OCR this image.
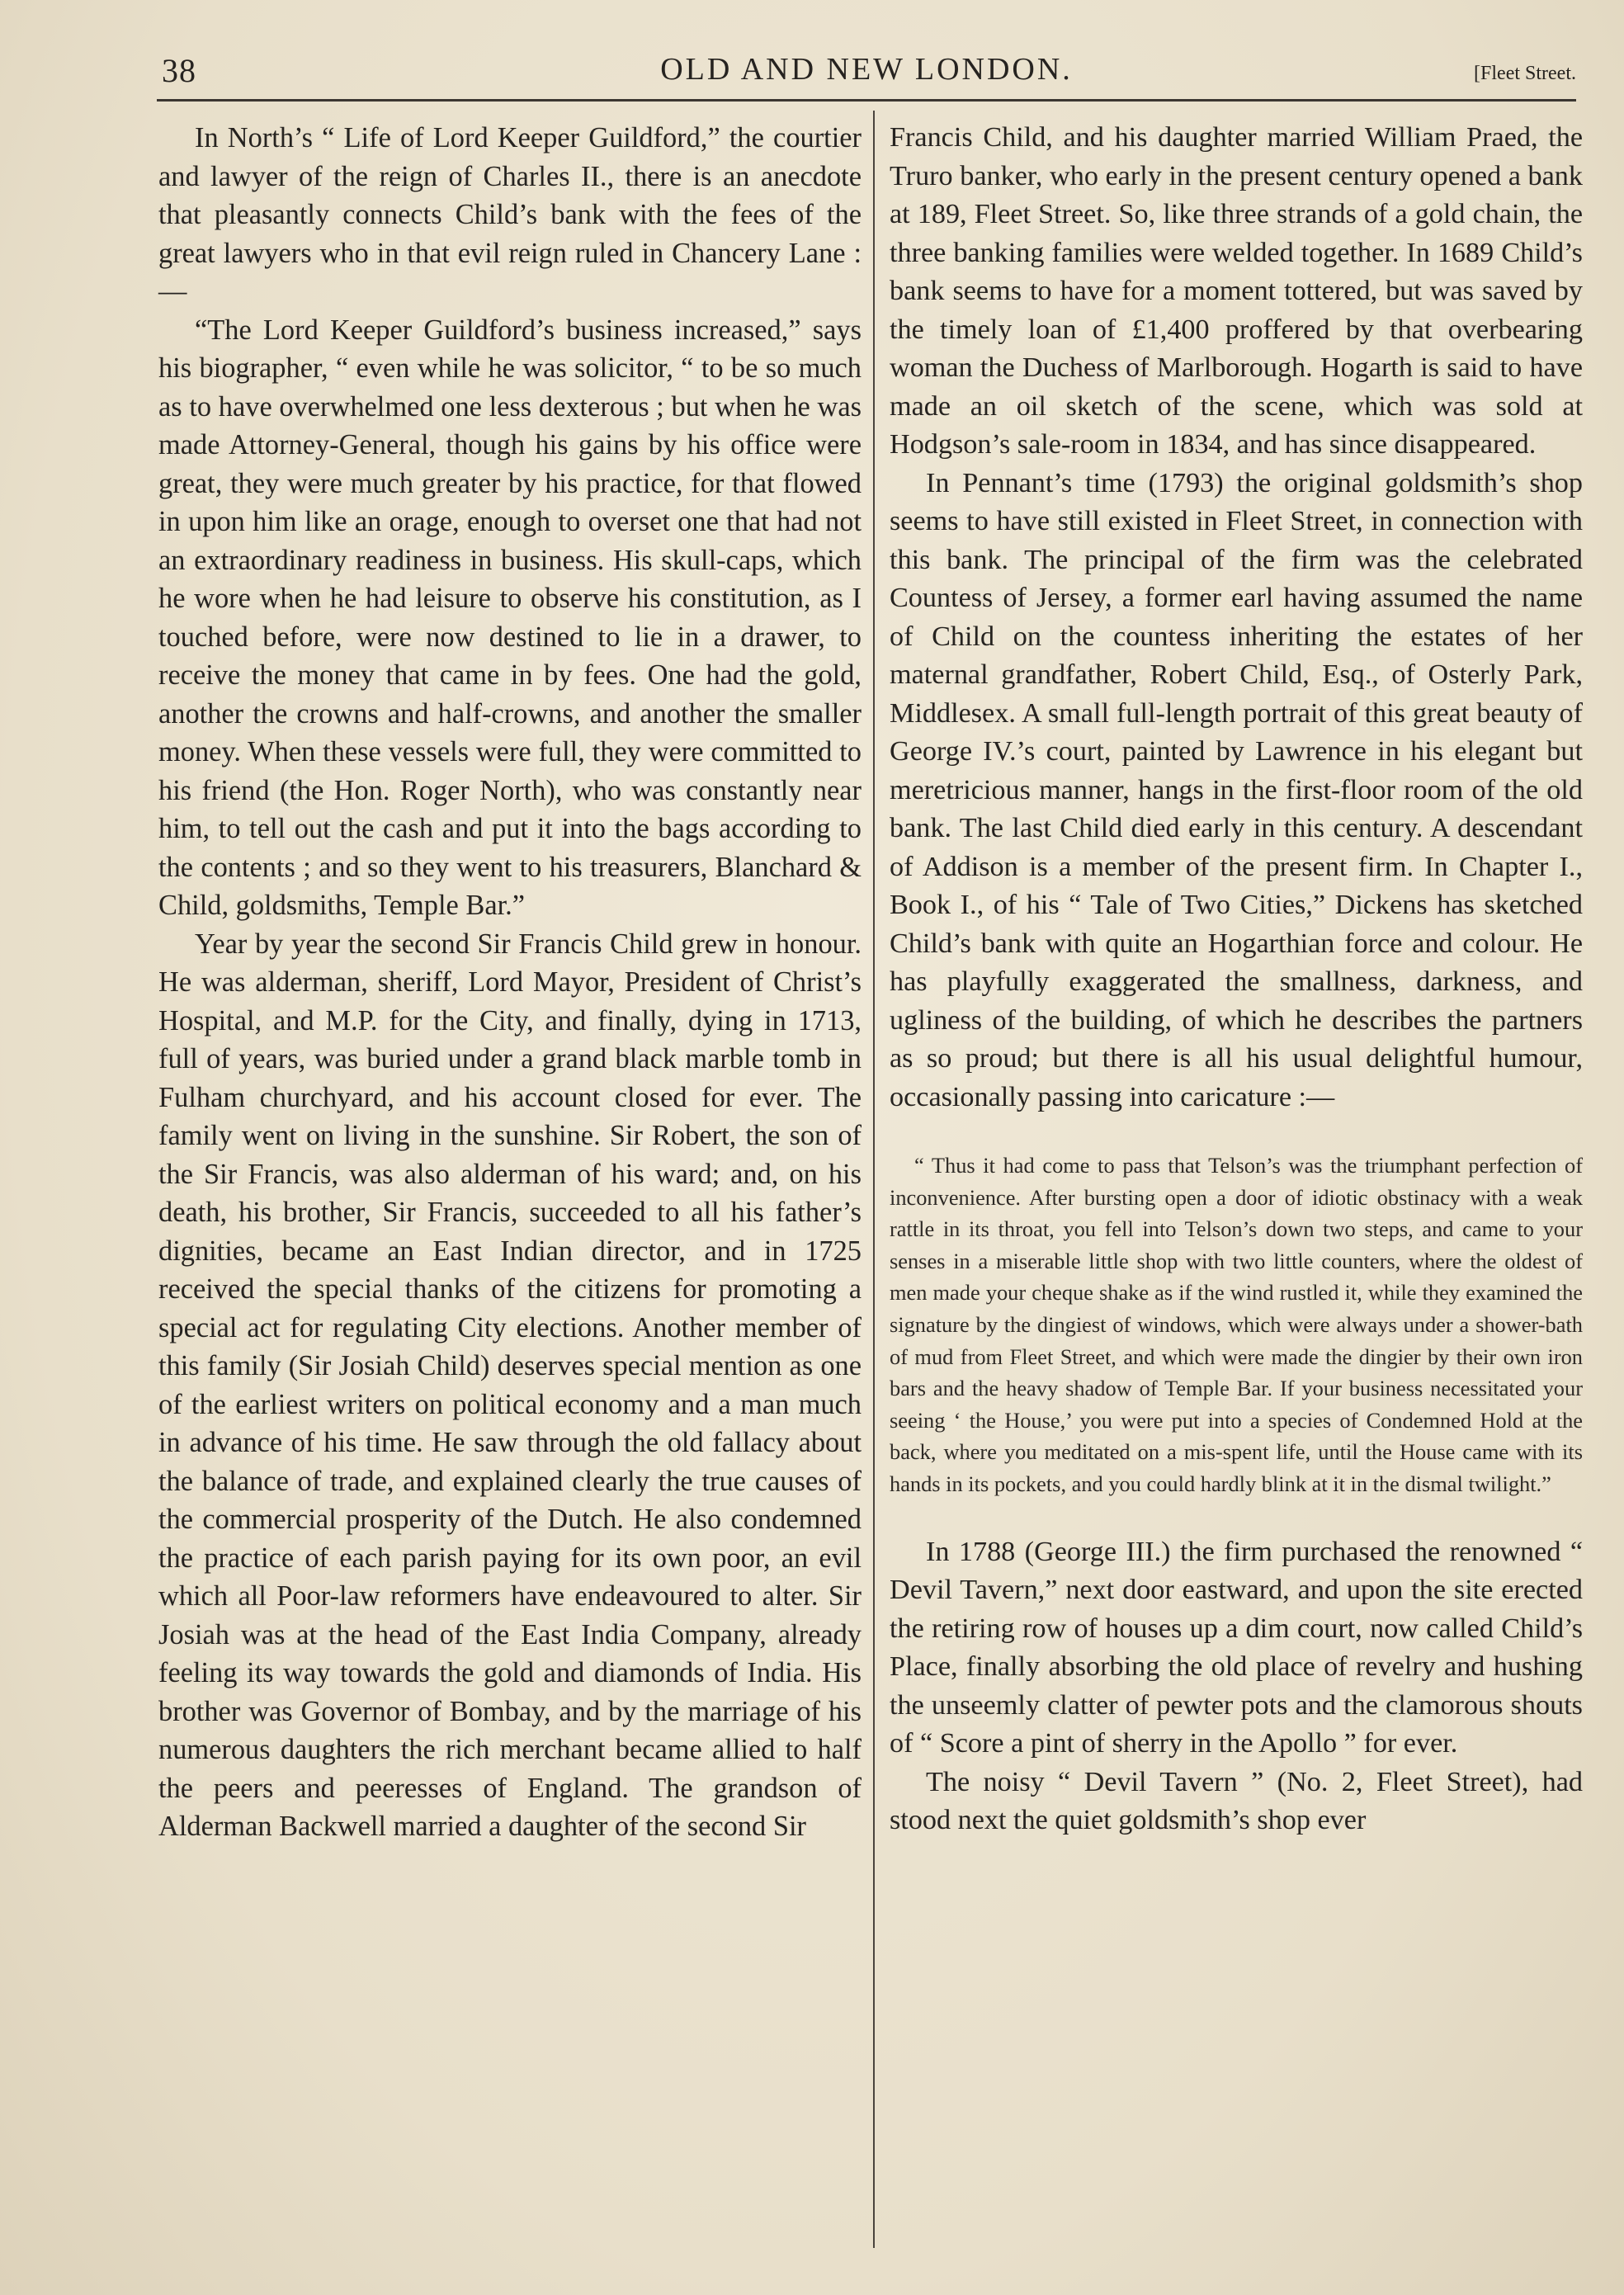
38	OLD AND NEW LONDON.	[Fleet Street.

In North’s “ Life of Lord Keeper Guildford,” the courtier and lawyer of the reign of Charles II., there is an anecdote that pleasantly connects Child’s bank with the fees of the great lawyers who in that evil reign ruled in Chancery Lane :—

“The Lord Keeper Guildford’s business increased,” says his biographer, “ even while he was solicitor, “ to be so much as to have overwhelmed one less dexterous ; but when he was made Attorney-General, though his gains by his office were great, they were much greater by his practice, for that flowed in upon him like an orage, enough to overset one that had not an extraordinary readiness in business. His skull-caps, which he wore when he had leisure to observe his constitution, as I touched before, were now destined to lie in a drawer, to receive the money that came in by fees. One had the gold, another the crowns and half-crowns, and another the smaller money. When these vessels were full, they were committed to his friend (the Hon. Roger North), who was constantly near him, to tell out the cash and put it into the bags according to the contents ; and so they went to his treasurers, Blanchard & Child, goldsmiths, Temple Bar.”

Year by year the second Sir Francis Child grew in honour. He was alderman, sheriff, Lord Mayor, President of Christ’s Hospital, and M.P. for the City, and finally, dying in 1713, full of years, was buried under a grand black marble tomb in Fulham churchyard, and his account closed for ever. The family went on living in the sunshine. Sir Robert, the son of the Sir Francis, was also alderman of his ward; and, on his death, his brother, Sir Francis, succeeded to all his father’s dignities, became an East Indian director, and in 1725 received the special thanks of the citizens for promoting a special act for regulating City elections. Another member of this family (Sir Josiah Child) deserves special mention as one of the earliest writers on political economy and a man much in advance of his time. He saw through the old fallacy about the balance of trade, and explained clearly the true causes of the commercial prosperity of the Dutch. He also condemned the practice of each parish paying for its own poor, an evil which all Poor-law reformers have endeavoured to alter. Sir Josiah was at the head of the East India Company, already feeling its way towards the gold and diamonds of India. His brother was Governor of Bombay, and by the marriage of his numerous daughters the rich merchant became allied to half the peers and peeresses of England. The grandson of Alderman Backwell married a daughter of the second Sir

Francis Child, and his daughter married William Praed, the Truro banker, who early in the present century opened a bank at 189, Fleet Street. So, like three strands of a gold chain, the three banking families were welded together. In 1689 Child’s bank seems to have for a moment tottered, but was saved by the timely loan of £1,400 proffered by that overbearing woman the Duchess of Marlborough. Hogarth is said to have made an oil sketch of the scene, which was sold at Hodgson’s sale-room in 1834, and has since disappeared.

In Pennant’s time (1793) the original goldsmith’s shop seems to have still existed in Fleet Street, in connection with this bank. The principal of the firm was the celebrated Countess of Jersey, a former earl having assumed the name of Child on the countess inheriting the estates of her maternal grandfather, Robert Child, Esq., of Osterly Park, Middlesex. A small full-length portrait of this great beauty of George IV.’s court, painted by Lawrence in his elegant but meretricious manner, hangs in the first-floor room of the old bank. The last Child died early in this century. A descendant of Addison is a member of the present firm. In Chapter I., Book I., of his “ Tale of Two Cities,” Dickens has sketched Child’s bank with quite an Hogarthian force and colour. He has playfully exaggerated the smallness, darkness, and ugliness of the building, of which he describes the partners as so proud; but there is all his usual delightful humour, occasionally passing into caricature :—

“ Thus it had come to pass that Telson’s was the triumphant perfection of inconvenience. After bursting open a door of idiotic obstinacy with a weak rattle in its throat, you fell into Telson’s down two steps, and came to your senses in a miserable little shop with two little counters, where the oldest of men made your cheque shake as if the wind rustled it, while they examined the signature by the dingiest of windows, which were always under a shower-bath of mud from Fleet Street, and which were made the dingier by their own iron bars and the heavy shadow of Temple Bar. If your business necessitated your seeing ‘ the House,’ you were put into a species of Condemned Hold at the back, where you meditated on a mis-spent life, until the House came with its hands in its pockets, and you could hardly blink at it in the dismal twilight.”

In 1788 (George III.) the firm purchased the renowned “ Devil Tavern,” next door eastward, and upon the site erected the retiring row of houses up a dim court, now called Child’s Place, finally absorbing the old place of revelry and hushing the unseemly clatter of pewter pots and the clamorous shouts of “ Score a pint of sherry in the Apollo ” for ever.

The noisy “ Devil Tavern ” (No. 2, Fleet Street), had stood next the quiet goldsmith’s shop ever
